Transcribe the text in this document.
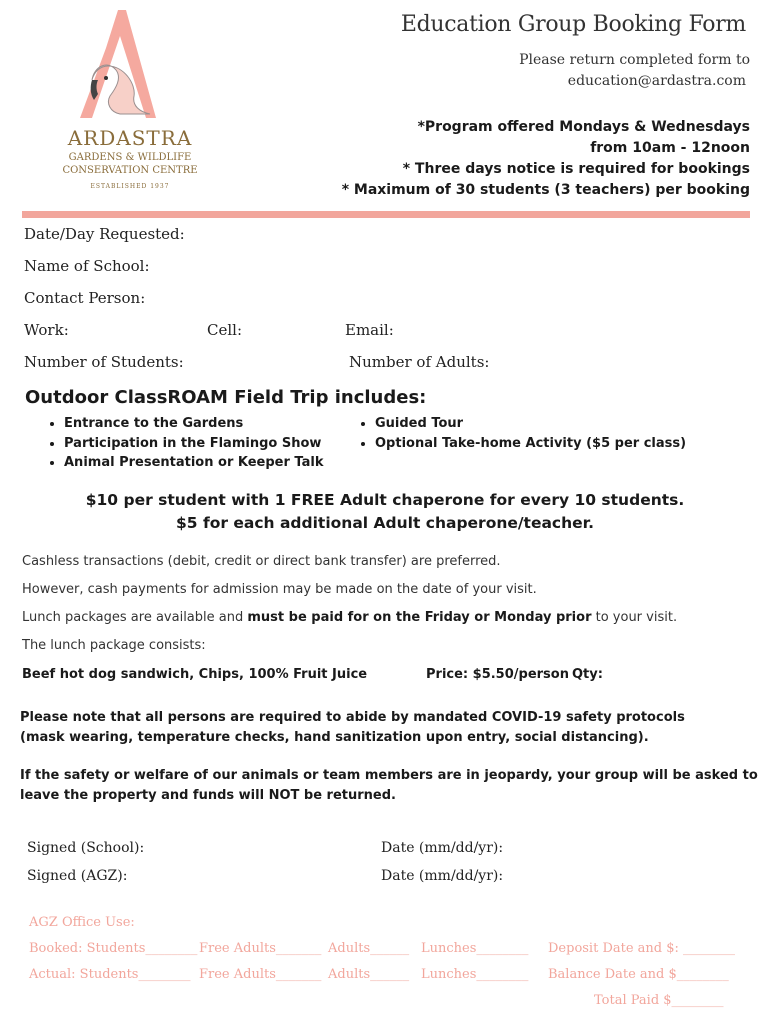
ARDASTRA
GARDENS & WILDLIFE
CONSERVATION CENTRE
ESTABLISHED 1937
Education Group Booking Form
Please return completed form to
education@ardastra.com
*Program offered Mondays & Wednesdays
from 10am - 12noon
* Three days notice is required for bookings
* Maximum of 30 students (3 teachers) per booking
Date/Day Requested:
Name of School:
Contact Person:
Work:	Cell:	Email:
Number of Students:	Number of Adults:
Outdoor ClassROAM Field Trip includes:
• Entrance to the Gardens
• Participation in the Flamingo Show
• Animal Presentation or Keeper Talk
• Guided Tour
• Optional Take-home Activity ($5 per class)
$10 per student with 1 FREE Adult chaperone for every 10 students.
$5 for each additional Adult chaperone/teacher.
Cashless transactions (debit, credit or direct bank transfer) are preferred.
However, cash payments for admission may be made on the date of your visit.
Lunch packages are available and must be paid for on the Friday or Monday prior to your visit.
The lunch package consists:
Beef hot dog sandwich, Chips, 100% Fruit Juice	Price: $5.50/person Qty:
Please note that all persons are required to abide by mandated COVID-19 safety protocols
(mask wearing, temperature checks, hand sanitization upon entry, social distancing).
If the safety or welfare of our animals or team members are in jeopardy, your group will be asked to
leave the property and funds will NOT be returned.
Signed (School):	Date (mm/dd/yr):
Signed (AGZ):	Date (mm/dd/yr):
AGZ Office Use:
Booked: Students________ Free Adults_______ Adults______ Lunches________ Deposit Date and $: ________
Actual: Students________ Free Adults_______ Adults______ Lunches________ Balance Date and $________
Total Paid $________
